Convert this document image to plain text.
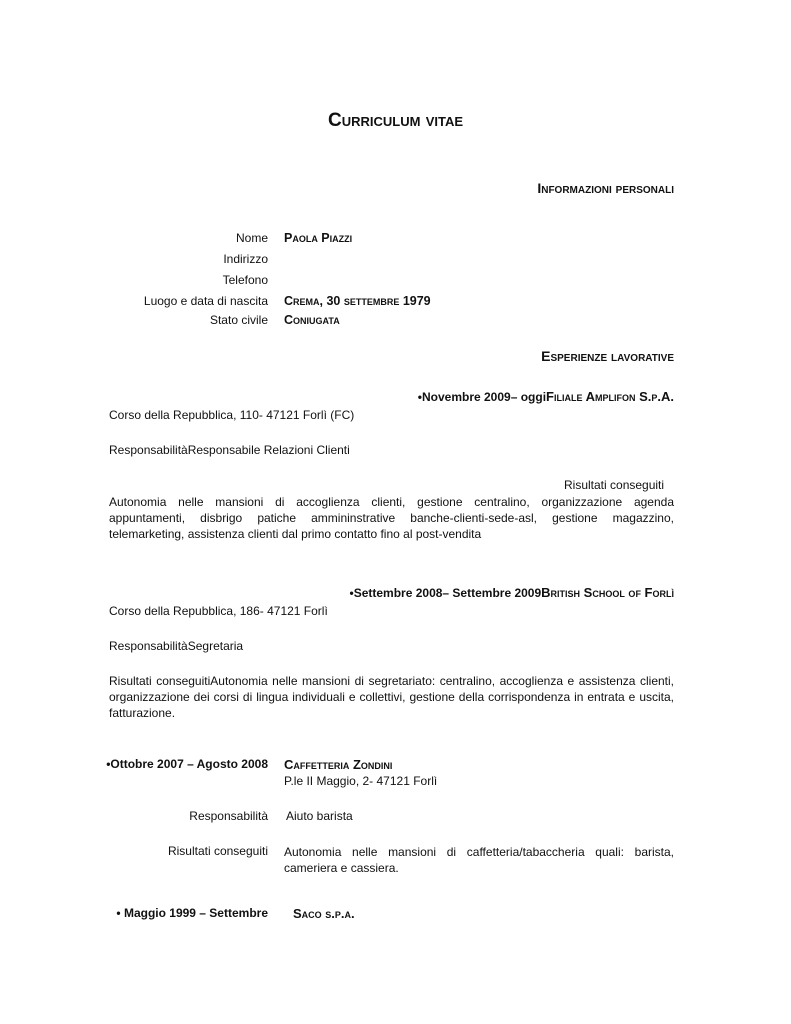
Curriculum vitae
Informazioni personali
Nome Paola Piazzi
Indirizzo
Telefono
Luogo e data di nascita Crema, 30 settembre 1979
Stato civile Coniugata
Esperienze lavorative
•Novembre 2009– oggiFiliale Amplifon S.p.A.
Corso della Repubblica, 110- 47121 Forlì (FC)
ResponsabilitàResponsabile Relazioni Clienti
Risultati conseguiti
Autonomia nelle mansioni di accoglienza clienti, gestione centralino, organizzazione agenda appuntamenti, disbrigo patiche ammininstrative banche-clienti-sede-asl, gestione magazzino, telemarketing, assistenza clienti dal primo contatto fino al post-vendita
•Settembre 2008– Settembre 2009British School of Forlì
Corso della Repubblica, 186- 47121 Forlì
ResponsabilitàSegretaria
Risultati conseguitiAutonomia nelle mansioni di segretariato: centralino, accoglienza e assistenza clienti, organizzazione dei corsi di lingua individuali e collettivi, gestione della corrispondenza in entrata e uscita, fatturazione.
•Ottobre 2007 – Agosto 2008 Caffetteria Zondini
P.le II Maggio, 2- 47121 Forlì
Responsabilità Aiuto barista
Risultati conseguiti Autonomia nelle mansioni di caffetteria/tabaccheria quali: barista, cameriera e cassiera.
• Maggio 1999 – Settembre Saco s.p.a.
